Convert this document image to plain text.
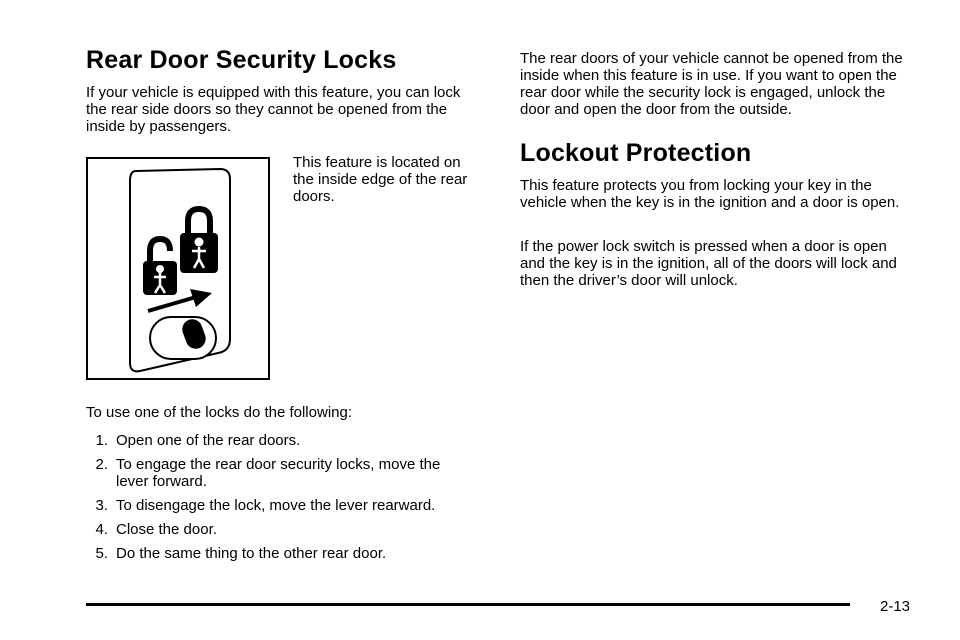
Rear Door Security Locks

If your vehicle is equipped with this feature, you can lock the rear side doors so they cannot be opened from the inside by passengers.

This feature is located on the inside edge of the rear doors.

To use one of the locks do the following:

1. Open one of the rear doors.
2. To engage the rear door security locks, move the lever forward.
3. To disengage the lock, move the lever rearward.
4. Close the door.
5. Do the same thing to the other rear door.

The rear doors of your vehicle cannot be opened from the inside when this feature is in use. If you want to open the rear door while the security lock is engaged, unlock the door and open the door from the outside.

Lockout Protection

This feature protects you from locking your key in the vehicle when the key is in the ignition and a door is open.

If the power lock switch is pressed when a door is open and the key is in the ignition, all of the doors will lock and then the driver’s door will unlock.

2-13
